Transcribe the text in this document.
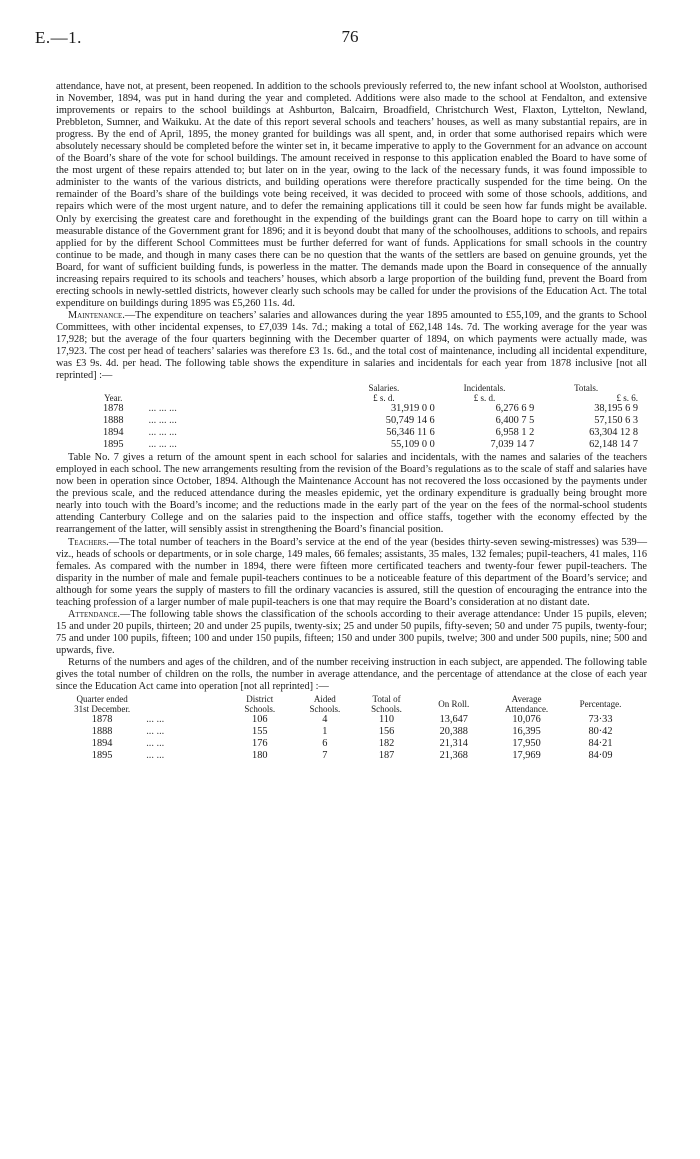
E.—1.	76

attendance, have not, at present, been reopened. In addition to the schools previously referred to, the new infant school at Woolston, authorised in November, 1894, was put in hand during the year and completed. Additions were also made to the school at Fendalton, and extensive improvements or repairs to the school buildings at Ashburton, Balcairn, Broadfield, Christchurch West, Flaxton, Lyttelton, Newland, Prebbleton, Sumner, and Waikuku. At the date of this report several schools and teachers’ houses, as well as many substantial repairs, are in progress. By the end of April, 1895, the money granted for buildings was all spent, and, in order that some authorised repairs which were absolutely necessary should be completed before the winter set in, it became imperative to apply to the Government for an advance on account of the Board’s share of the vote for school buildings. The amount received in response to this application enabled the Board to have some of the most urgent of these repairs attended to; but later on in the year, owing to the lack of the necessary funds, it was found impossible to administer to the wants of the various districts, and building operations were therefore practically suspended for the time being. On the remainder of the Board’s share of the buildings vote being received, it was decided to proceed with some of those schools, additions, and repairs which were of the most urgent nature, and to defer the remaining applications till it could be seen how far funds might be available. Only by exercising the greatest care and forethought in the expending of the buildings grant can the Board hope to carry on till within a measurable distance of the Government grant for 1896; and it is beyond doubt that many of the schoolhouses, additions to schools, and repairs applied for by the different School Committees must be further deferred for want of funds. Applications for small schools in the country continue to be made, and though in many cases there can be no question that the wants of the settlers are based on genuine grounds, yet the Board, for want of sufficient building funds, is powerless in the matter. The demands made upon the Board in consequence of the annually increasing repairs required to its schools and teachers’ houses, which absorb a large proportion of the building fund, prevent the Board from erecting schools in newly-settled districts, however clearly such schools may be called for under the provisions of the Education Act. The total expenditure on buildings during 1895 was £5,260 11s. 4d.

Maintenance.—The expenditure on teachers’ salaries and allowances during the year 1895 amounted to £55,109, and the grants to School Committees, with other incidental expenses, to £7,039 14s. 7d.; making a total of £62,148 14s. 7d. The working average for the year was 17,928; but the average of the four quarters beginning with the December quarter of 1894, on which payments were actually made, was 17,923. The cost per head of teachers’ salaries was therefore £3 1s. 6d., and the total cost of maintenance, including all incidental expenditure, was £3 9s. 4d. per head. The following table shows the expenditure in salaries and incidentals for each year from 1878 inclusive [not all reprinted] :—

		Salaries.	Incidentals.	Totals.
Year.		£ s. d.	£ s. d.	£ s. 6.
1878	... ... ...	31,919 0 0	6,276 6 9	38,195 6 9
1888	... ... ...	50,749 14 6	6,400 7 5	57,150 6 3
1894	... ... ...	56,346 11 6	6,958 1 2	63,304 12 8
1895	... ... ...	55,109 0 0	7,039 14 7	62,148 14 7

Table No. 7 gives a return of the amount spent in each school for salaries and incidentals, with the names and salaries of the teachers employed in each school. The new arrangements resulting from the revision of the Board’s regulations as to the scale of staff and salaries have now been in operation since October, 1894. Although the Maintenance Account has not recovered the loss occasioned by the payments under the previous scale, and the reduced attendance during the measles epidemic, yet the ordinary expenditure is gradually being brought more nearly into touch with the Board’s income; and the reductions made in the early part of the year on the fees of the normal-school students attending Canterbury College and on the salaries paid to the inspection and office staffs, together with the economy effected by the rearrangement of the latter, will sensibly assist in strengthening the Board’s financial position.

Teachers.—The total number of teachers in the Board’s service at the end of the year (besides thirty-seven sewing-mistresses) was 539—viz., heads of schools or departments, or in sole charge, 149 males, 66 females; assistants, 35 males, 132 females; pupil-teachers, 41 males, 116 females. As compared with the number in 1894, there were fifteen more certificated teachers and twenty-four fewer pupil-teachers. The disparity in the number of male and female pupil-teachers continues to be a noticeable feature of this department of the Board’s service; and although for some years the supply of masters to fill the ordinary vacancies is assured, still the question of encouraging the entrance into the teaching profession of a larger number of male pupil-teachers is one that may require the Board’s consideration at no distant date.

Attendance.—The following table shows the classification of the schools according to their average attendance: Under 15 pupils, eleven; 15 and under 20 pupils, thirteen; 20 and under 25 pupils, twenty-six; 25 and under 50 pupils, fifty-seven; 50 and under 75 pupils, twenty-four; 75 and under 100 pupils, fifteen; 100 and under 150 pupils, fifteen; 150 and under 300 pupils, twelve; 300 and under 500 pupils, nine; 500 and upwards, five.

Returns of the numbers and ages of the children, and of the number receiving instruction in each subject, are appended. The following table gives the total number of children on the rolls, the number in average attendance, and the percentage of attendance at the close of each year since the Education Act came into operation [not all reprinted] :—

Quarter ended
31st December.		District
Schools.	Aided
Schools.	Total of
Schools.	On Roll.	Average
Attendance.	Percentage.
1878	... ...	106	4	110	13,647	10,076	73·33
1888	... ...	155	1	156	20,388	16,395	80·42
1894	... ...	176	6	182	21,314	17,950	84·21
1895	... ...	180	7	187	21,368	17,969	84·09
